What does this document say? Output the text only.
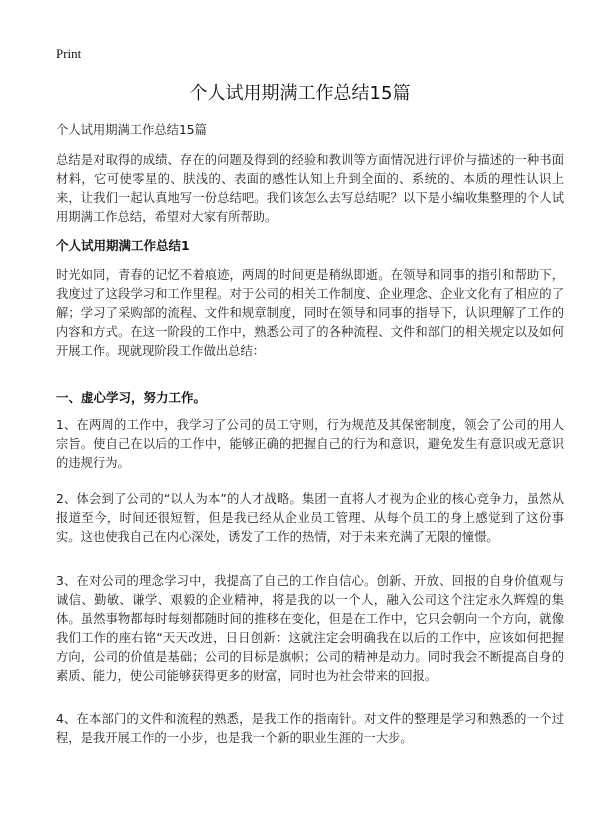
Print
个人试用期满工作总结15篇

个人试用期满工作总结15篇

总结是对取得的成绩、存在的问题及得到的经验和教训等方面情况进行评价与描述的一种书面材料，它可使零星的、肤浅的、表面的感性认知上升到全面的、系统的、本质的理性认识上来，让我们一起认真地写一份总结吧。我们该怎么去写总结呢？以下是小编收集整理的个人试用期满工作总结，希望对大家有所帮助。

个人试用期满工作总结1

时光如同，青春的记忆不着痕迹，两周的时间更是稍纵即逝。在领导和同事的指引和帮助下，我度过了这段学习和工作里程。对于公司的相关工作制度、企业理念、企业文化有了相应的了解；学习了采购部的流程、文件和规章制度，同时在领导和同事的指导下，认识理解了工作的内容和方式。在这一阶段的工作中，熟悉公司了的各种流程、文件和部门的相关规定以及如何开展工作。现就现阶段工作做出总结：

一、虚心学习，努力工作。

1、在两周的工作中，我学习了公司的员工守则，行为规范及其保密制度，领会了公司的用人宗旨。使自己在以后的工作中，能够正确的把握自己的行为和意识，避免发生有意识或无意识的违规行为。

2、体会到了公司的“以人为本”的人才战略。集团一直将人才视为企业的核心竞争力，虽然从报道至今，时间还很短暂，但是我已经从企业员工管理、从每个员工的身上感觉到了这份事实。这也使我自己在内心深处，诱发了工作的热情，对于未来充满了无限的憧憬。

3、在对公司的理念学习中，我提高了自己的工作自信心。创新、开放、回报的自身价值观与诚信、勤敏、谦学、艰毅的企业精神，将是我的以一个人，融入公司这个注定永久辉煌的集体。虽然事物都每时每刻都随时间的推移在变化，但是在工作中，它只会朝向一个方向，就像我们工作的座右铭“天天改进，日日创新：这就注定会明确我在以后的工作中，应该如何把握方向，公司的价值是基础；公司的目标是旗帜；公司的精神是动力。同时我会不断提高自身的素质、能力，使公司能够获得更多的财富，同时也为社会带来的回报。

4、在本部门的文件和流程的熟悉，是我工作的指南针。对文件的整理是学习和熟悉的一个过程，是我开展工作的一小步，也是我一个新的职业生涯的一大步。
